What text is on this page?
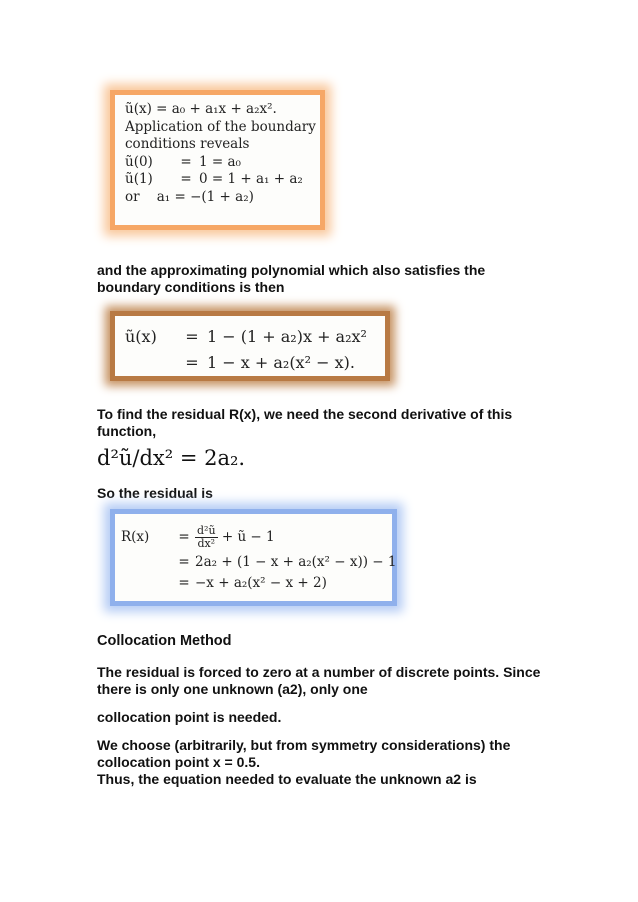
ũ(x) = a₀ + a₁x + a₂x².
Application of the boundary
conditions reveals
ũ(0) = 1 = a₀
ũ(1) = 0 = 1 + a₁ + a₂
or    a₁ = −(1 + a₂)

and the approximating polynomial which also satisfies the boundary conditions is then

ũ(x) = 1 − (1 + a₂)x + a₂x²
= 1 − x + a₂(x² − x).

To find the residual R(x), we need the second derivative of this function,

d²ũ/dx² = 2a₂.

So the residual is

$R(x) = \frac{\text{d²ũ}}{\text{dx²}}$ + ũ − 1
= 2a₂ + (1 − x + a₂(x² − x)) − 1
= −x + a₂(x² − x + 2)

Collocation Method

The residual is forced to zero at a number of discrete points. Since there is only one unknown (a2), only one

collocation point is needed.

We choose (arbitrarily, but from symmetry considerations) the collocation point x = 0.5.

Thus, the equation needed to evaluate the unknown a2 is
